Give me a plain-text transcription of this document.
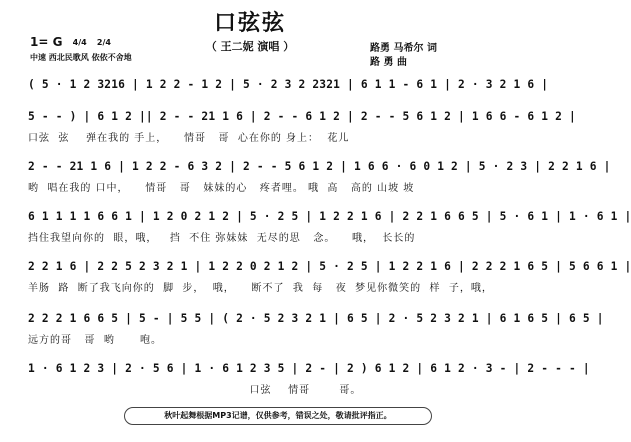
口弦弦
（ 王二妮 演唱 ）
1= G 4/4 2/4
中速 西北民歌风 依依不舍地
路勇 马希尔 词
路 勇 曲
( 5 · 1 2 3216 | 1 2 2 - 1 2 | 5 · 2 3 2 2321 | 6 1 1 - 6 1 | 2 · 3 2 1 6 |
5 - - ) | 6 1 2 || 2 - - 21 1 6 | 2 - - 6 1 2 | 2 - - 5 6 1 2 | 1 6 6 - 6 1 2 |
口弦  弦    弹在我的 手上，    情哥   哥  心在你的 身上：  花儿
2 - - 21 1 6 | 1 2 2 - 6 3 2 | 2 - - 5 6 1 2 | 1 6 6 · 6 0 1 2 | 5 · 2 3 | 2 2 1 6 |
哟  唱在我的 口中，    情哥   哥   妹妹的心   疼者哩。 哦  高   高的 山坡 坡
6 1 1 1 1 6 6 1 | 1 2 0 2 1 2 | 5 · 2 5 | 1 2 2 1 6 | 2 2 1 6 6 5 | 5 · 6 1 | 1 · 6 1 |
挡住我望向你的  眼，哦，   挡  不住 弥妹妹  无尽的思   念。    哦，  长长的
2 2 1 6 | 2 2 5 2 3 2 1 | 1 2 2 0 2 1 2 | 5 · 2 5 | 1 2 2 1 6 | 2 2 2 1 6 5 | 5 6 6 1 |
羊肠  路  断了我飞向你的  脚  步，  哦，    断不了  我  每   夜  梦见你微笑的  样  子，哦，
2 2 2 1 6 6 5 | 5 - | 5 5 | ( 2 · 5 2 3 2 1 | 6 5 | 2 · 5 2 3 2 1 | 6 1 6 5 | 6 5 |
远方的哥   哥  哟      咆。
1 · 6 1 2 3 | 2 · 5 6 | 1 · 6 1 2 3 5 | 2 - | 2 ) 6 1 2 | 6 1 2 · 3 - | 2 - - - |
口弦    情哥       哥。
秋叶起舞根据MP3记谱，仅供参考，错误之处，敬请批评指正。
